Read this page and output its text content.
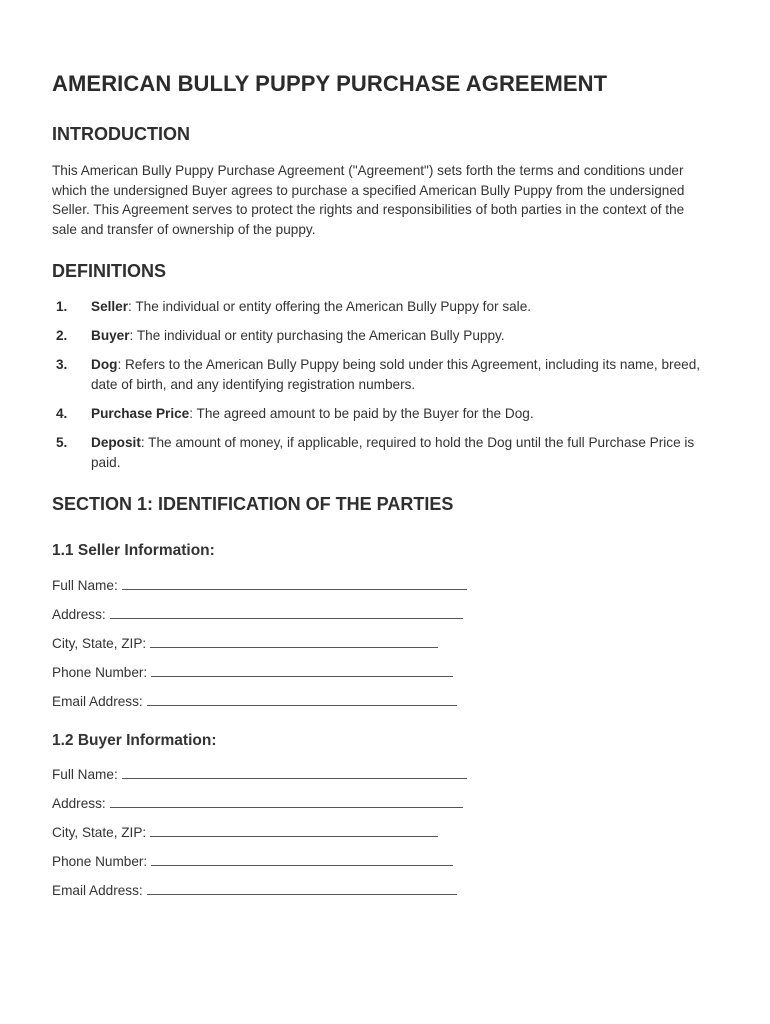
AMERICAN BULLY PUPPY PURCHASE AGREEMENT
INTRODUCTION

This American Bully Puppy Purchase Agreement ("Agreement") sets forth the terms and conditions under which the undersigned Buyer agrees to purchase a specified American Bully Puppy from the undersigned Seller. This Agreement serves to protect the rights and responsibilities of both parties in the context of the sale and transfer of ownership of the puppy.

DEFINITIONS
1. Seller: The individual or entity offering the American Bully Puppy for sale.
2. Buyer: The individual or entity purchasing the American Bully Puppy.
3. Dog: Refers to the American Bully Puppy being sold under this Agreement, including its name, breed, date of birth, and any identifying registration numbers.
4. Purchase Price: The agreed amount to be paid by the Buyer for the Dog.
5. Deposit: The amount of money, if applicable, required to hold the Dog until the full Purchase Price is paid.
SECTION 1: IDENTIFICATION OF THE PARTIES
1.1 Seller Information:
Full Name:
Address:
City, State, ZIP:
Phone Number:
Email Address:
1.2 Buyer Information:
Full Name:
Address:
City, State, ZIP:
Phone Number:
Email Address:
